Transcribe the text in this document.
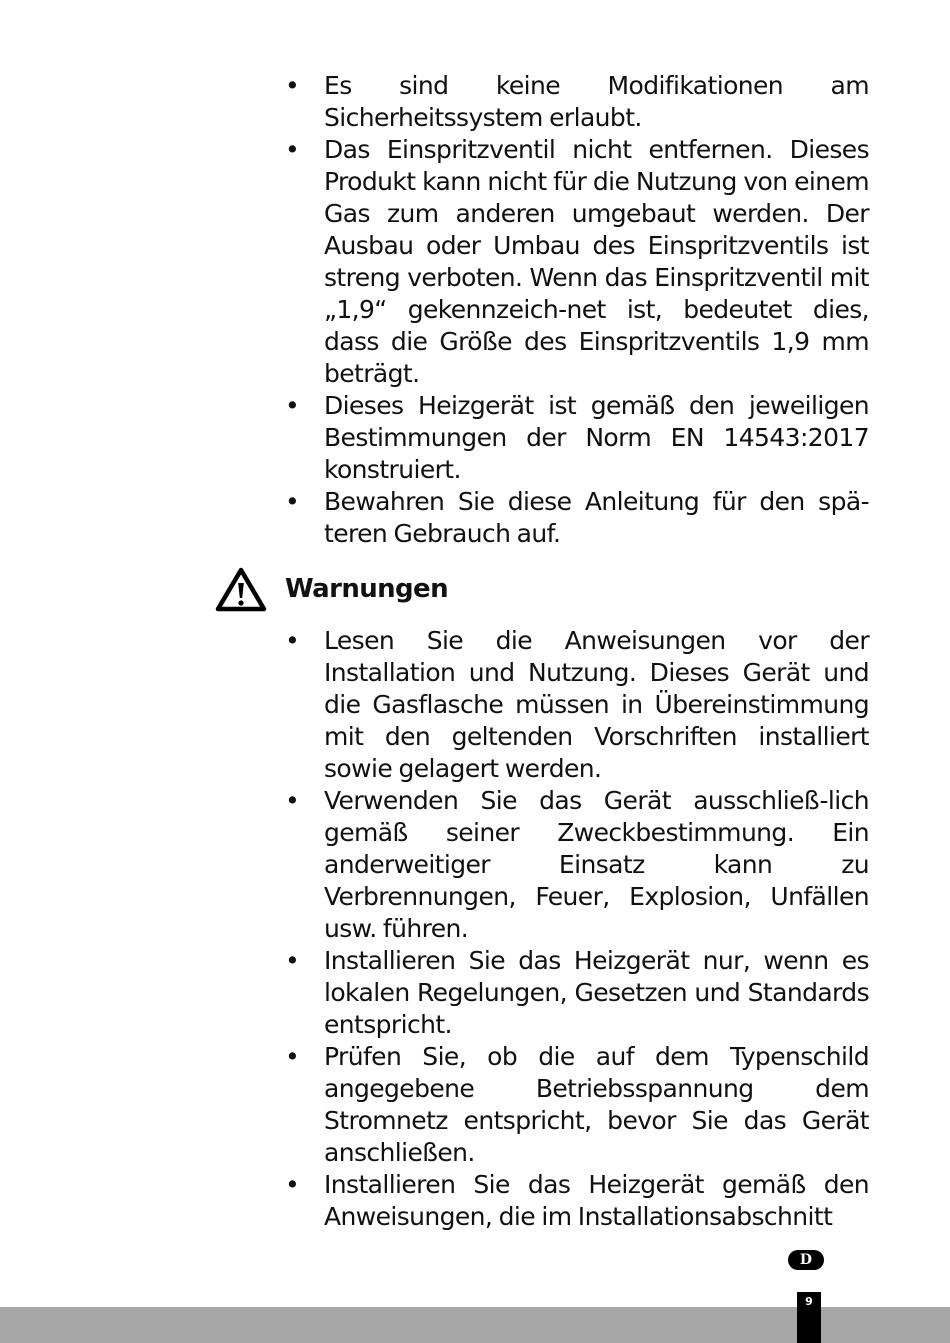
• Es sind keine Modifikationen am Sicherheitssystem erlaubt.
• Das Einspritzventil nicht entfernen. Dieses Produkt kann nicht für die Nutzung von einem Gas zum anderen umgebaut werden. Der Ausbau oder Umbau des Einspritzventils ist streng verboten. Wenn das Einspritzventil mit „1,9“ gekennzeich-net ist, bedeutet dies, dass die Größe des Einspritzventils 1,9 mm beträgt.
• Dieses Heizgerät ist gemäß den jeweiligen Bestimmungen der Norm EN 14543:2017 konstruiert.
• Bewahren Sie diese Anleitung für den spä-teren Gebrauch auf.
Warnungen
• Lesen Sie die Anweisungen vor der Installation und Nutzung. Dieses Gerät und die Gasflasche müssen in Übereinstimmung mit den geltenden Vorschriften installiert sowie gelagert werden.
• Verwenden Sie das Gerät ausschließ-lich gemäß seiner Zweckbestimmung. Ein anderweitiger Einsatz kann zu Verbrennungen, Feuer, Explosion, Unfällen usw. führen.
• Installieren Sie das Heizgerät nur, wenn es lokalen Regelungen, Gesetzen und Standards entspricht.
• Prüfen Sie, ob die auf dem Typenschild angegebene Betriebsspannung dem Stromnetz entspricht, bevor Sie das Gerät anschließen.
• Installieren Sie das Heizgerät gemäß den Anweisungen, die im Installationsabschnitt
D
9
